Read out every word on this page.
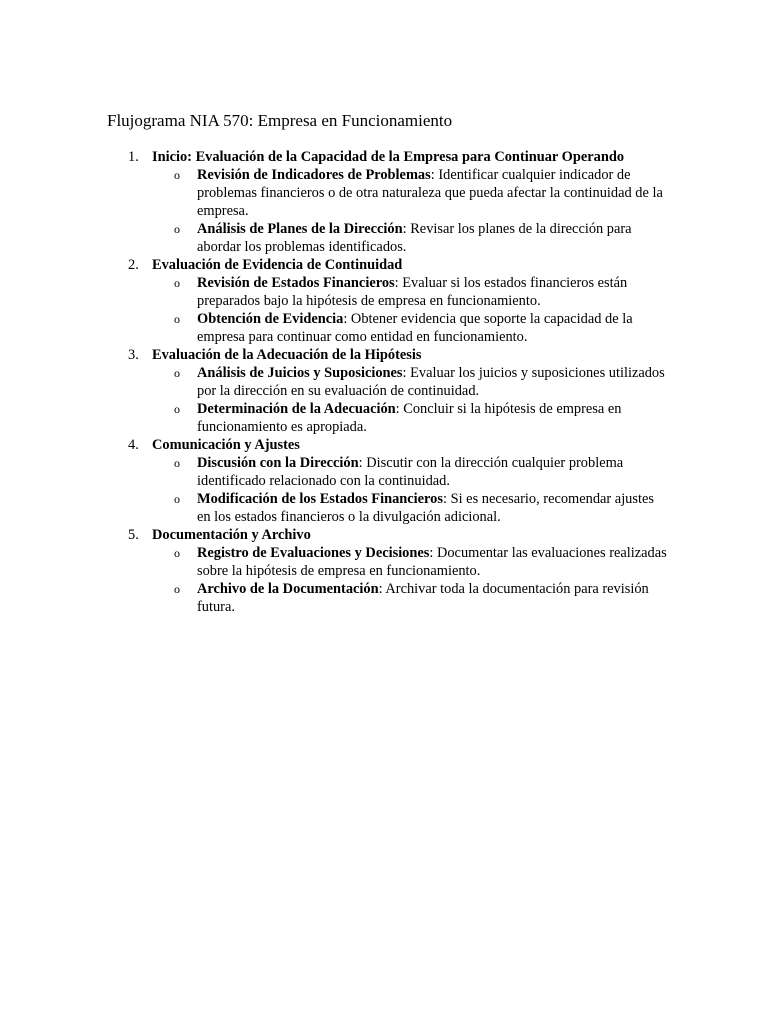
Flujograma NIA 570: Empresa en Funcionamiento
1. Inicio: Evaluación de la Capacidad de la Empresa para Continuar Operando
o Revisión de Indicadores de Problemas: Identificar cualquier indicador de problemas financieros o de otra naturaleza que pueda afectar la continuidad de la empresa.
o Análisis de Planes de la Dirección: Revisar los planes de la dirección para abordar los problemas identificados.
2. Evaluación de Evidencia de Continuidad
o Revisión de Estados Financieros: Evaluar si los estados financieros están preparados bajo la hipótesis de empresa en funcionamiento.
o Obtención de Evidencia: Obtener evidencia que soporte la capacidad de la empresa para continuar como entidad en funcionamiento.
3. Evaluación de la Adecuación de la Hipótesis
o Análisis de Juicios y Suposiciones: Evaluar los juicios y suposiciones utilizados por la dirección en su evaluación de continuidad.
o Determinación de la Adecuación: Concluir si la hipótesis de empresa en funcionamiento es apropiada.
4. Comunicación y Ajustes
o Discusión con la Dirección: Discutir con la dirección cualquier problema identificado relacionado con la continuidad.
o Modificación de los Estados Financieros: Si es necesario, recomendar ajustes en los estados financieros o la divulgación adicional.
5. Documentación y Archivo
o Registro de Evaluaciones y Decisiones: Documentar las evaluaciones realizadas sobre la hipótesis de empresa en funcionamiento.
o Archivo de la Documentación: Archivar toda la documentación para revisión futura.
